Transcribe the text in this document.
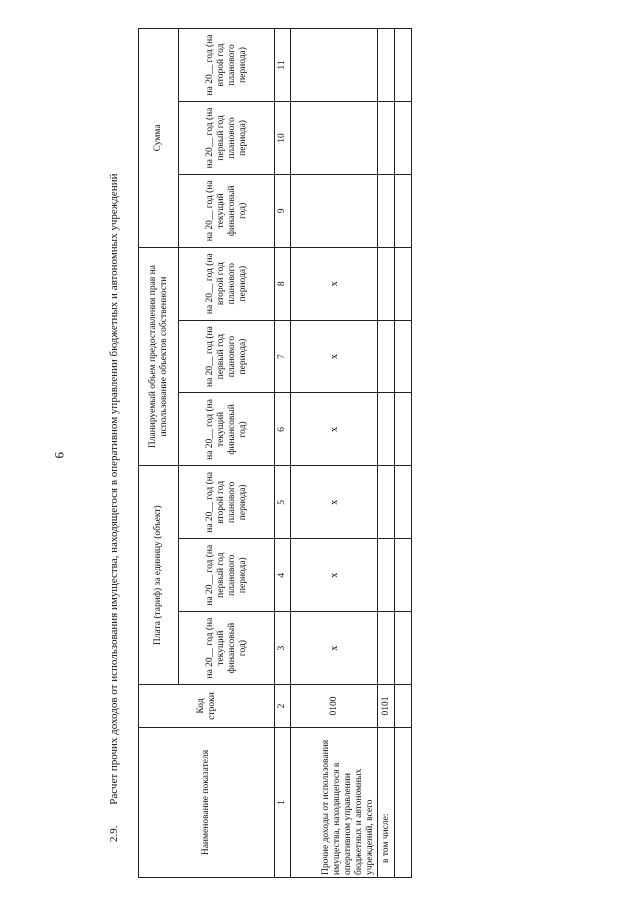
9
2.9. Расчет прочих доходов от использования имущества, находящегося в оперативном управлении бюджетных и автономных учреждений	Наименование показателя	Код строки	Плата (тариф) за единицу (объект)			Планируемый объем предоставления прав на использование объектов собственности			Сумма		
		на 20__ год (на текущий финансовый год)	на 20__ год (на первый год планового периода)	на 20__ год (на второй год планового периода)	на 20__ год (на текущий финансовый год)	на 20__ год (на первый год планового периода)	на 20__ год (на второй год планового периода)	на 20__ год (на текущий финансовый год)	на 20__ год (на первый год планового периода)	на 20__ год (на второй год планового периода)
1	2	3	4	5	6	7	8	9	10	11
Прочие доходы от использования имущества, находящегося в оперативном управлении бюджетных и автономных учреждений, всего	0100	x	x	x	x	x	x			
в том числе:	0101									
